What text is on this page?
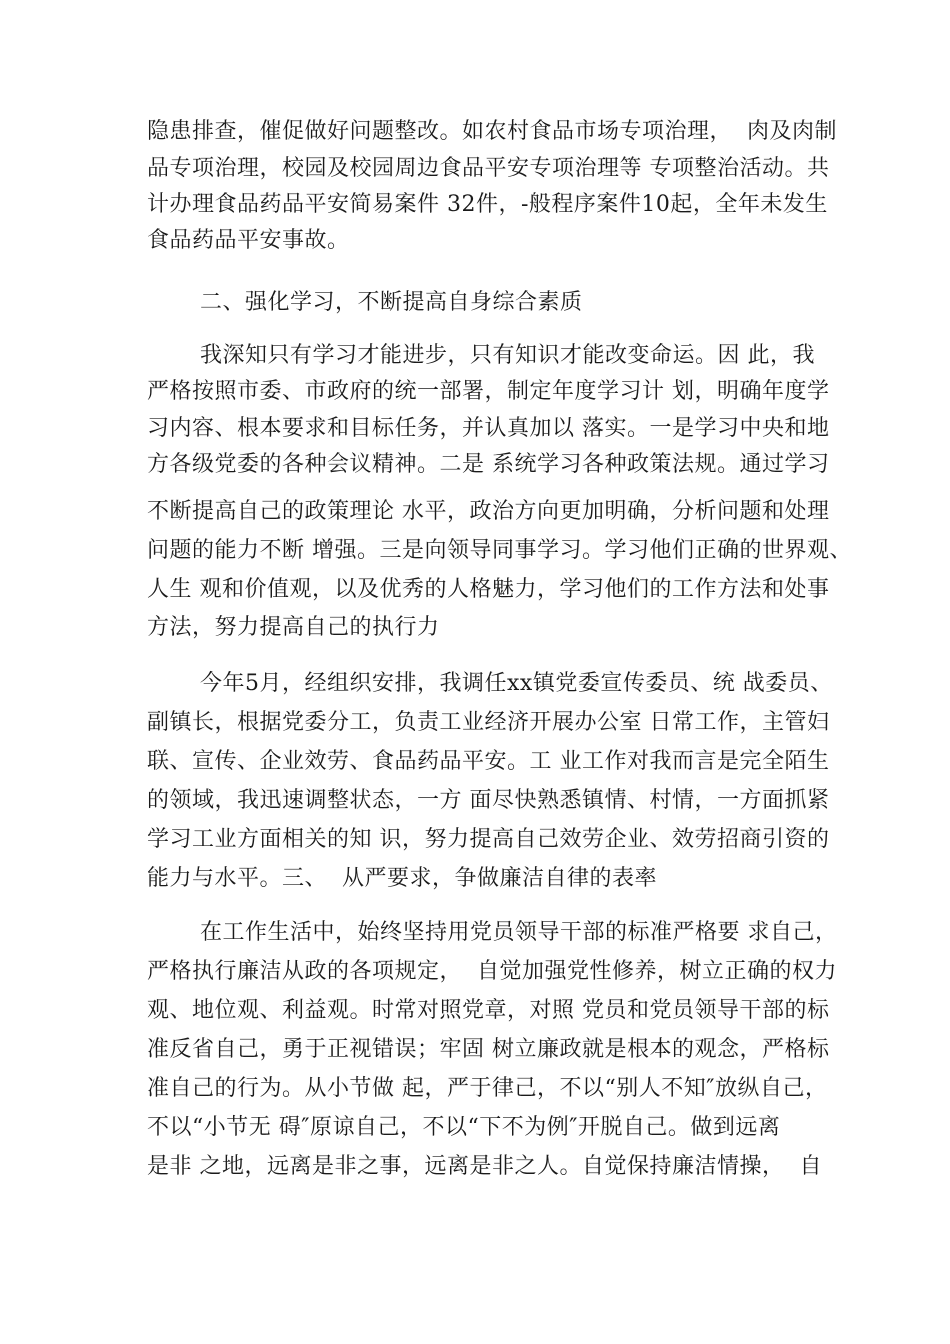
隐患排查，催促做好问题整改。如农村食品市场专项治理，  肉及肉制
品专项治理，校园及校园周边食品平安专项治理等 专项整治活动。共
计办理食品药品平安简易案件 32件，-般程序案件10起，全年未发生
食品药品平安事故。
二、强化学习，不断提高自身综合素质
我深知只有学习才能进步，只有知识才能改变命运。因 此，我
严格按照市委、市政府的统一部署，制定年度学习计 划，明确年度学
习内容、根本要求和目标任务，并认真加以 落实。一是学习中央和地
方各级党委的各种会议精神。二是 系统学习各种政策法规。通过学习
不断提高自己的政策理论 水平，政治方向更加明确，分析问题和处理
问题的能力不断 增强。三是向领导同事学习。学习他们正确的世界观、
人生 观和价值观，以及优秀的人格魅力，学习他们的工作方法和处事
方法，努力提高自己的执行力
今年5月，经组织安排，我调任xx镇党委宣传委员、统 战委员、
副镇长，根据党委分工，负责工业经济开展办公室 日常工作，主管妇
联、宣传、企业效劳、食品药品平安。工 业工作对我而言是完全陌生
的领域，我迅速调整状态，一方 面尽快熟悉镇情、村情，一方面抓紧
学习工业方面相关的知 识，努力提高自己效劳企业、效劳招商引资的
能力与水平。三、  从严要求，争做廉洁自律的表率
在工作生活中，始终坚持用党员领导干部的标准严格要 求自己，
严格执行廉洁从政的各项规定，  自觉加强党性修养，树立正确的权力
观、地位观、利益观。时常对照党章，对照 党员和党员领导干部的标
准反省自己，勇于正视错误；牢固 树立廉政就是根本的观念，严格标
准自己的行为。从小节做 起，严于律己，不以“别人不知″放纵自己，
不以“小节无 碍″原谅自己，不以“下不为例″开脱自己。做到远离
是非 之地，远离是非之事，远离是非之人。自觉保持廉洁情操，  自
